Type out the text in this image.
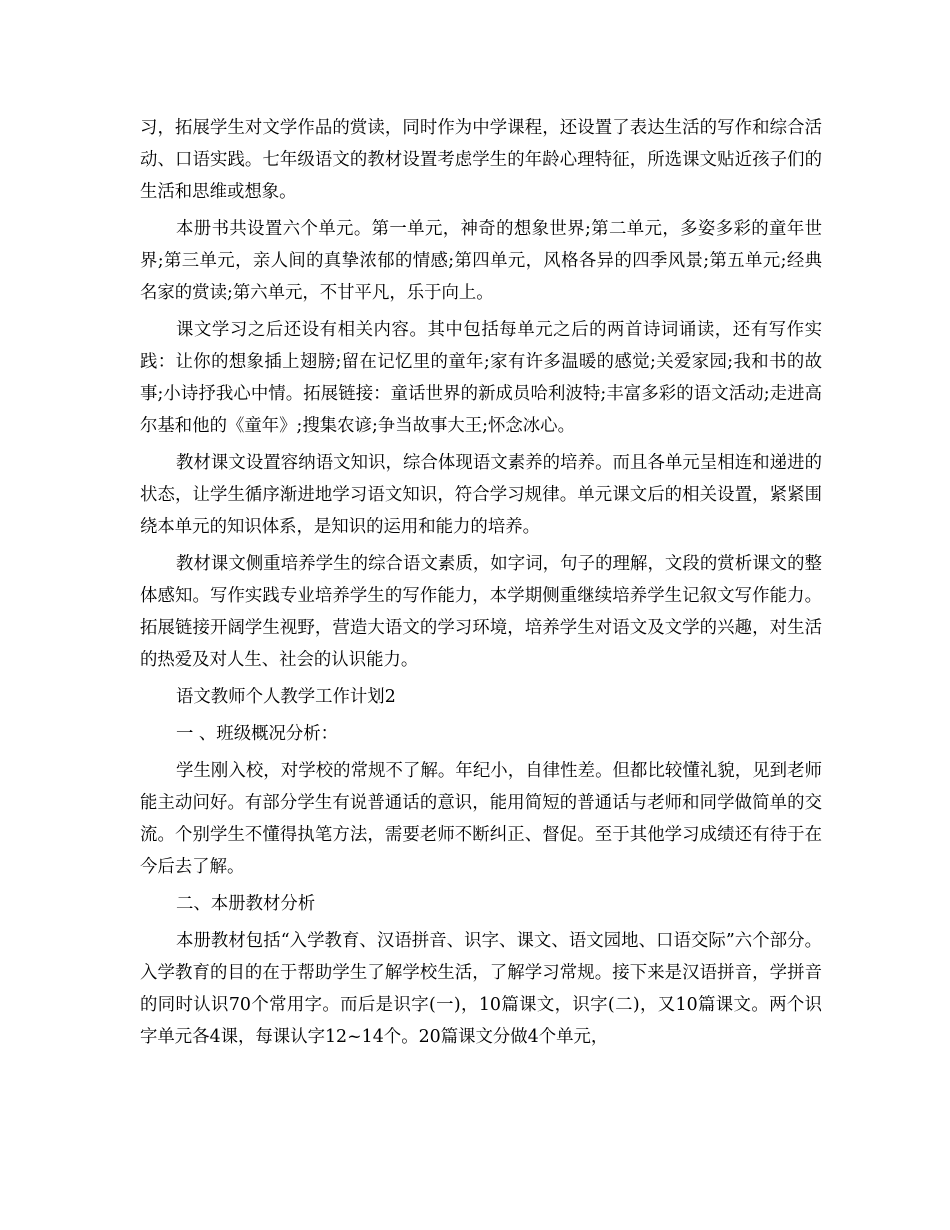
习，拓展学生对文学作品的赏读，同时作为中学课程，还设置了表达生活的写作和综合活动、口语实践。七年级语文的教材设置考虑学生的年龄心理特征，所选课文贴近孩子们的生活和思维或想象。

本册书共设置六个单元。第一单元，神奇的想象世界;第二单元，多姿多彩的童年世界;第三单元，亲人间的真挚浓郁的情感;第四单元，风格各异的四季风景;第五单元;经典名家的赏读;第六单元，不甘平凡，乐于向上。

课文学习之后还设有相关内容。其中包括每单元之后的两首诗词诵读，还有写作实践：让你的想象插上翅膀;留在记忆里的童年;家有许多温暖的感觉;关爱家园;我和书的故事;小诗抒我心中情。拓展链接：童话世界的新成员哈利波特;丰富多彩的语文活动;走进高尔基和他的《童年》;搜集农谚;争当故事大王;怀念冰心。

教材课文设置容纳语文知识，综合体现语文素养的培养。而且各单元呈相连和递进的状态，让学生循序渐进地学习语文知识，符合学习规律。单元课文后的相关设置，紧紧围绕本单元的知识体系，是知识的运用和能力的培养。

教材课文侧重培养学生的综合语文素质，如字词，句子的理解，文段的赏析课文的整体感知。写作实践专业培养学生的写作能力，本学期侧重继续培养学生记叙文写作能力。拓展链接开阔学生视野，营造大语文的学习环境，培养学生对语文及文学的兴趣，对生活的热爱及对人生、社会的认识能力。

语文教师个人教学工作计划2

一 、班级概况分析：

学生刚入校，对学校的常规不了解。年纪小，自律性差。但都比较懂礼貌，见到老师能主动问好。有部分学生有说普通话的意识，能用简短的普通话与老师和同学做简单的交流。个别学生不懂得执笔方法，需要老师不断纠正、督促。至于其他学习成绩还有待于在今后去了解。

二、本册教材分析

本册教材包括“入学教育、汉语拼音、识字、课文、语文园地、口语交际”六个部分。入学教育的目的在于帮助学生了解学校生活，了解学习常规。接下来是汉语拼音，学拼音的同时认识70个常用字。而后是识字(一)，10篇课文，识字(二)，又10篇课文。两个识字单元各4课，每课认字12~14个。20篇课文分做4个单元，
